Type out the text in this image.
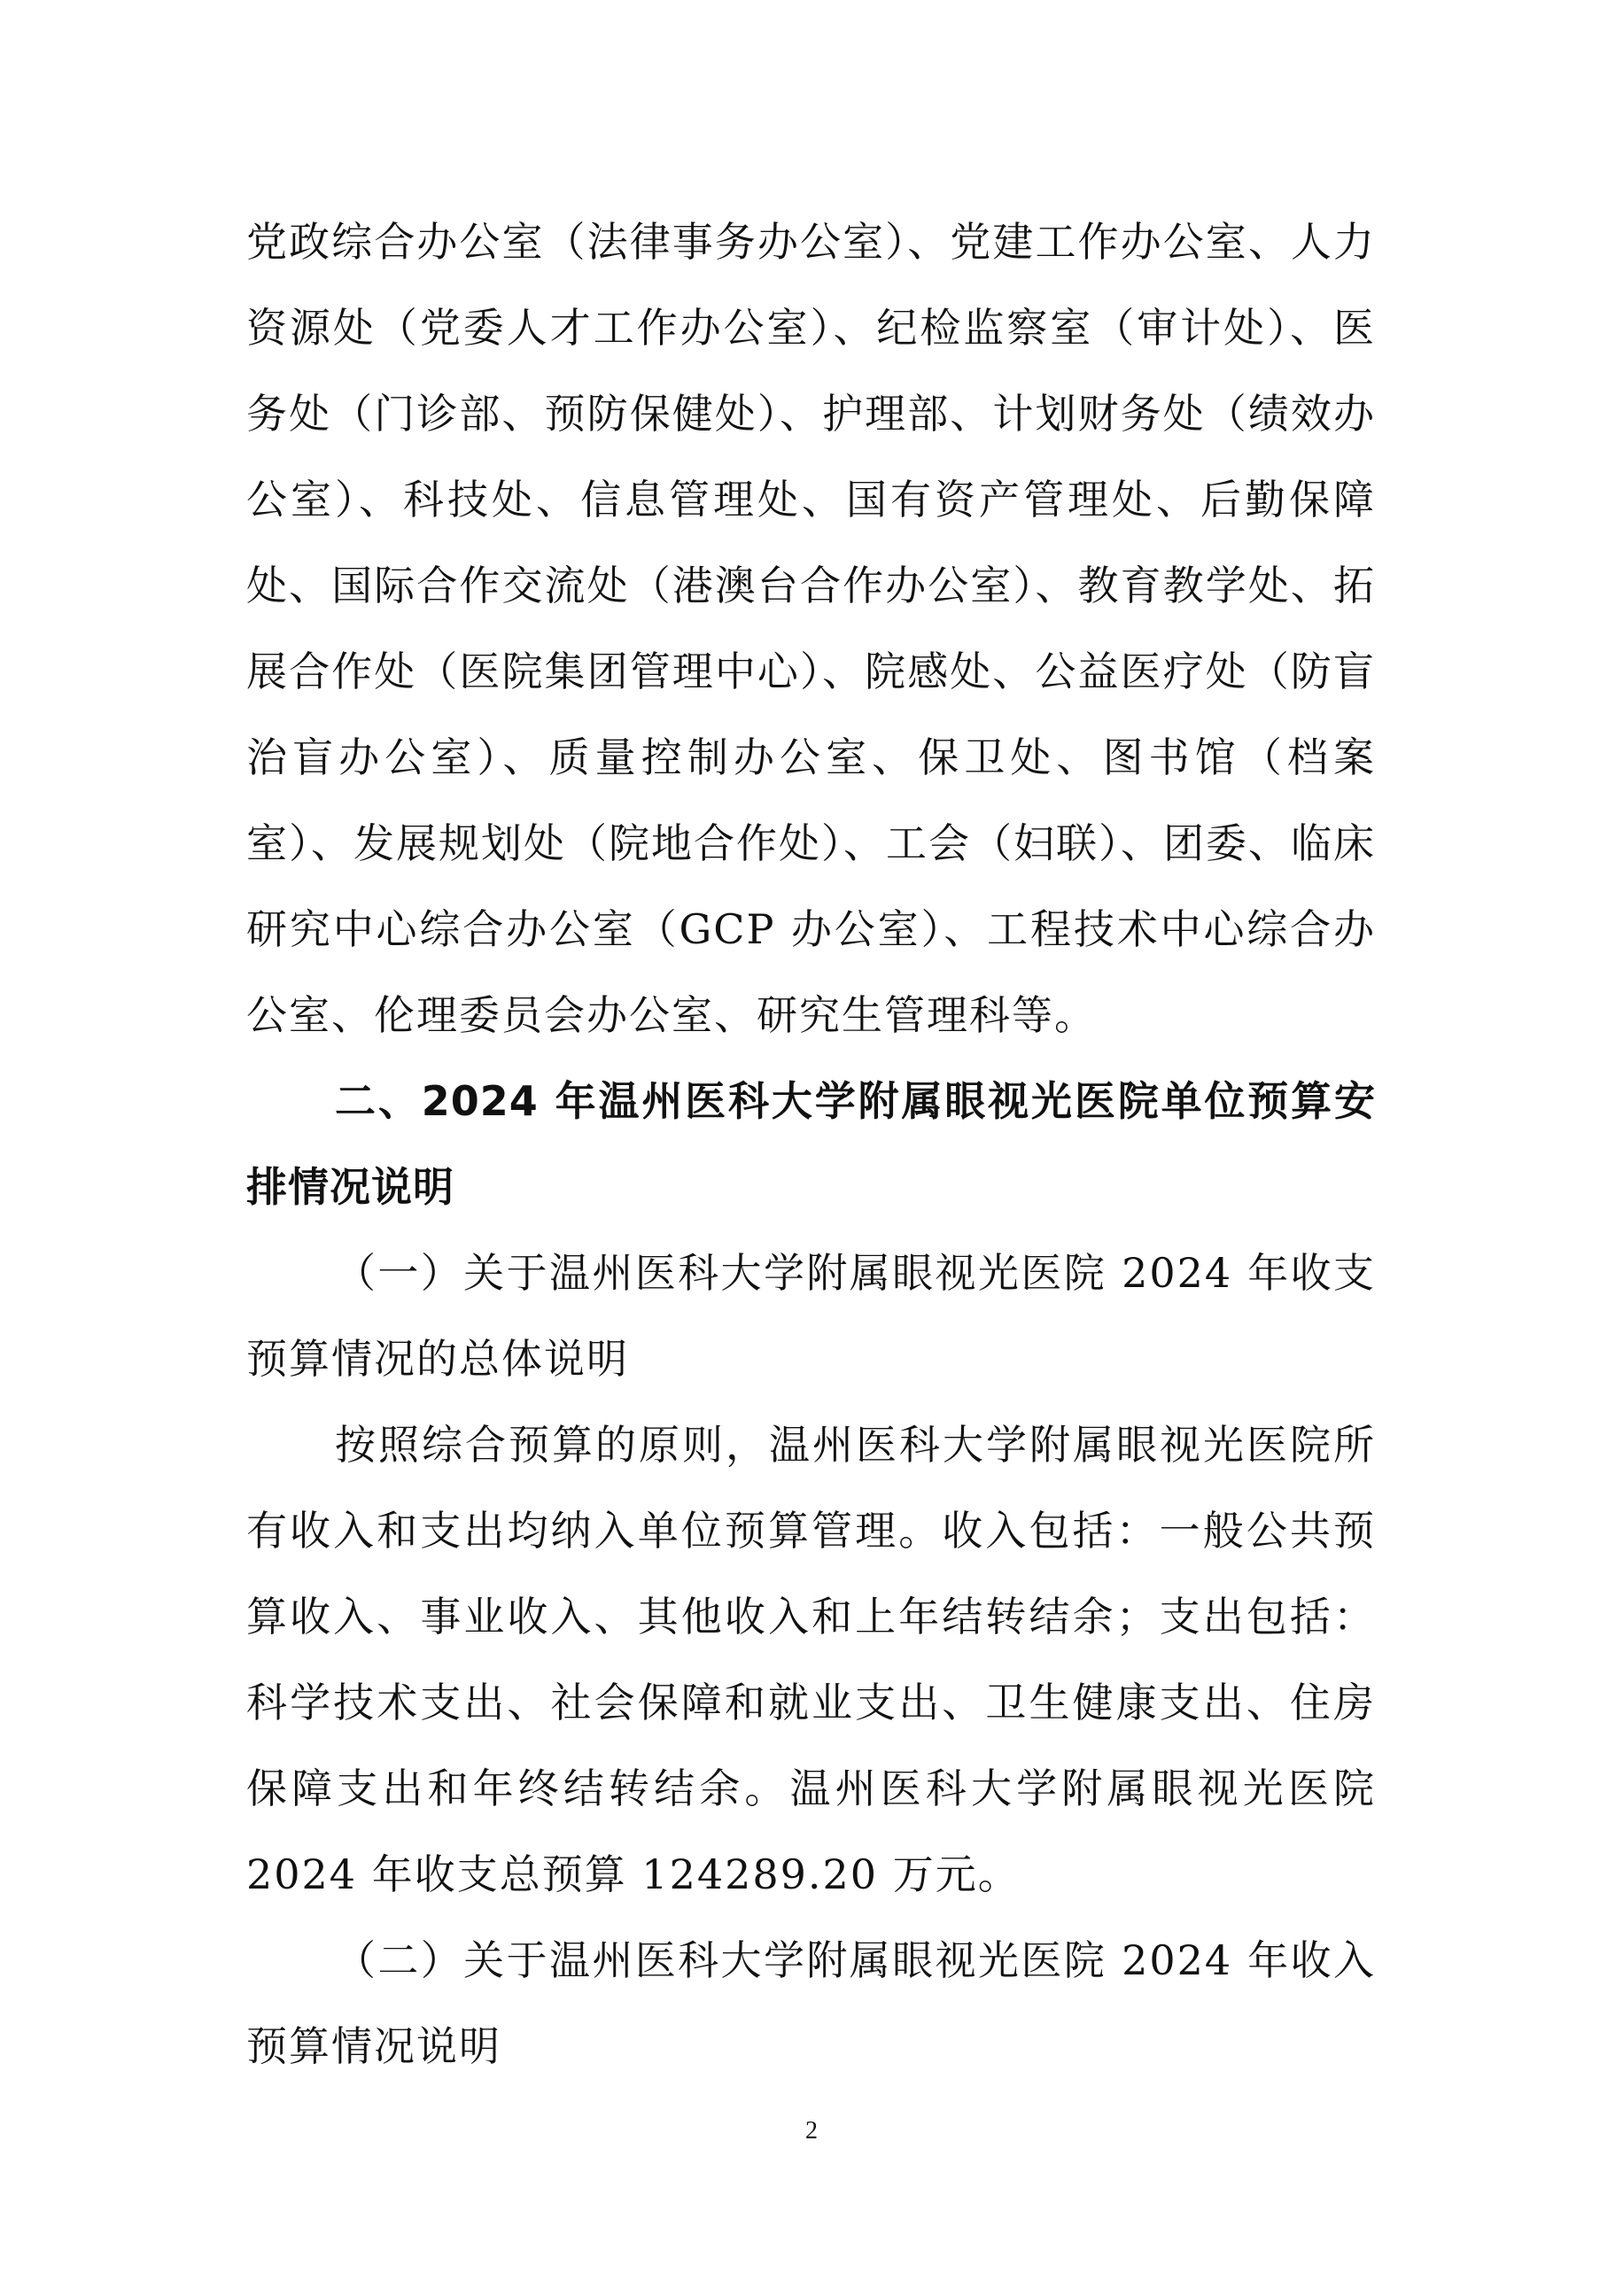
党政综合办公室（法律事务办公室）、党建工作办公室、人力资源处（党委人才工作办公室）、纪检监察室（审计处）、医务处（门诊部、预防保健处）、护理部、计划财务处（绩效办公室）、科技处、信息管理处、国有资产管理处、后勤保障处、国际合作交流处（港澳台合作办公室）、教育教学处、拓展合作处（医院集团管理中心）、院感处、公益医疗处（防盲治盲办公室）、质量控制办公室、保卫处、图书馆（档案室）、发展规划处（院地合作处）、工会（妇联）、团委、临床研究中心综合办公室（GCP 办公室）、工程技术中心综合办公室、伦理委员会办公室、研究生管理科等。

二、2024 年温州医科大学附属眼视光医院单位预算安排情况说明

（一）关于温州医科大学附属眼视光医院 2024 年收支预算情况的总体说明

按照综合预算的原则，温州医科大学附属眼视光医院所有收入和支出均纳入单位预算管理。收入包括：一般公共预算收入、事业收入、其他收入和上年结转结余；支出包括：科学技术支出、社会保障和就业支出、卫生健康支出、住房保障支出和年终结转结余。温州医科大学附属眼视光医院 2024 年收支总预算 124289.20 万元。

（二）关于温州医科大学附属眼视光医院 2024 年收入预算情况说明

2
